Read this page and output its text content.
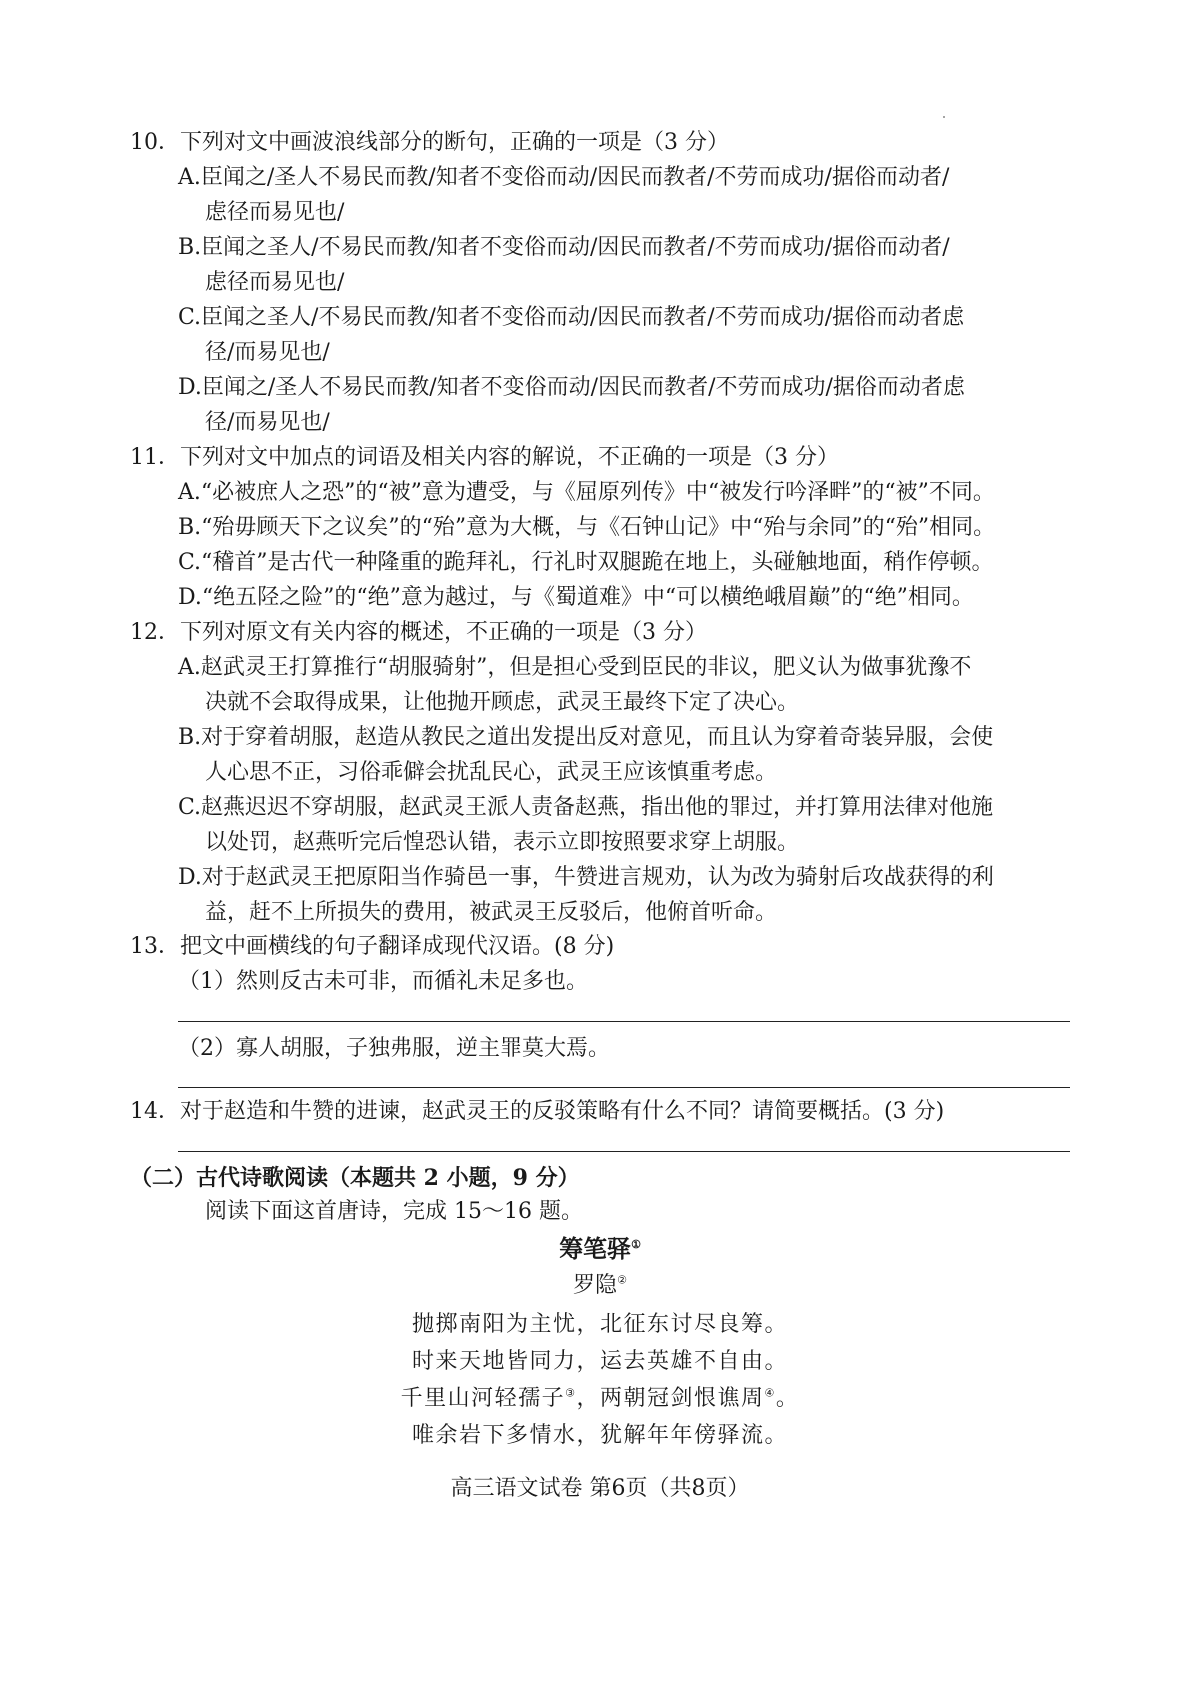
10．下列对文中画波浪线部分的断句，正确的一项是（3 分）
A.臣闻之/圣人不易民而教/知者不变俗而动/因民而教者/不劳而成功/据俗而动者/
虑径而易见也/
B.臣闻之圣人/不易民而教/知者不变俗而动/因民而教者/不劳而成功/据俗而动者/
虑径而易见也/
C.臣闻之圣人/不易民而教/知者不变俗而动/因民而教者/不劳而成功/据俗而动者虑
径/而易见也/
D.臣闻之/圣人不易民而教/知者不变俗而动/因民而教者/不劳而成功/据俗而动者虑
径/而易见也/
11．下列对文中加点的词语及相关内容的解说，不正确的一项是（3 分）
A.“必被庶人之恐”的“被”意为遭受，与《屈原列传》中“被发行吟泽畔”的“被”不同。
B.“殆毋顾天下之议矣”的“殆”意为大概，与《石钟山记》中“殆与余同”的“殆”相同。
C.“稽首”是古代一种隆重的跪拜礼，行礼时双腿跪在地上，头碰触地面，稍作停顿。
D.“绝五陉之险”的“绝”意为越过，与《蜀道难》中“可以横绝峨眉巅”的“绝”相同。
12．下列对原文有关内容的概述，不正确的一项是（3 分）
A.赵武灵王打算推行“胡服骑射”，但是担心受到臣民的非议，肥义认为做事犹豫不
决就不会取得成果，让他抛开顾虑，武灵王最终下定了决心。
B.对于穿着胡服，赵造从教民之道出发提出反对意见，而且认为穿着奇装异服，会使
人心思不正，习俗乖僻会扰乱民心，武灵王应该慎重考虑。
C.赵燕迟迟不穿胡服，赵武灵王派人责备赵燕，指出他的罪过，并打算用法律对他施
以处罚，赵燕听完后惶恐认错，表示立即按照要求穿上胡服。
D.对于赵武灵王把原阳当作骑邑一事，牛赞进言规劝，认为改为骑射后攻战获得的利
益，赶不上所损失的费用，被武灵王反驳后，他俯首听命。
13．把文中画横线的句子翻译成现代汉语。(8 分)
（1）然则反古未可非，而循礼未足多也。
（2）寡人胡服，子独弗服，逆主罪莫大焉。
14．对于赵造和牛赞的进谏，赵武灵王的反驳策略有什么不同？请简要概括。(3 分)
（二）古代诗歌阅读（本题共 2 小题，9 分）
阅读下面这首唐诗，完成 15～16 题。
筹笔驿①
罗隐②
抛掷南阳为主忧，北征东讨尽良筹。
时来天地皆同力，运去英雄不自由。
千里山河轻孺子③，两朝冠剑恨谯周④。
唯余岩下多情水，犹解年年傍驿流。
高三语文试卷 第6页（共8页）
